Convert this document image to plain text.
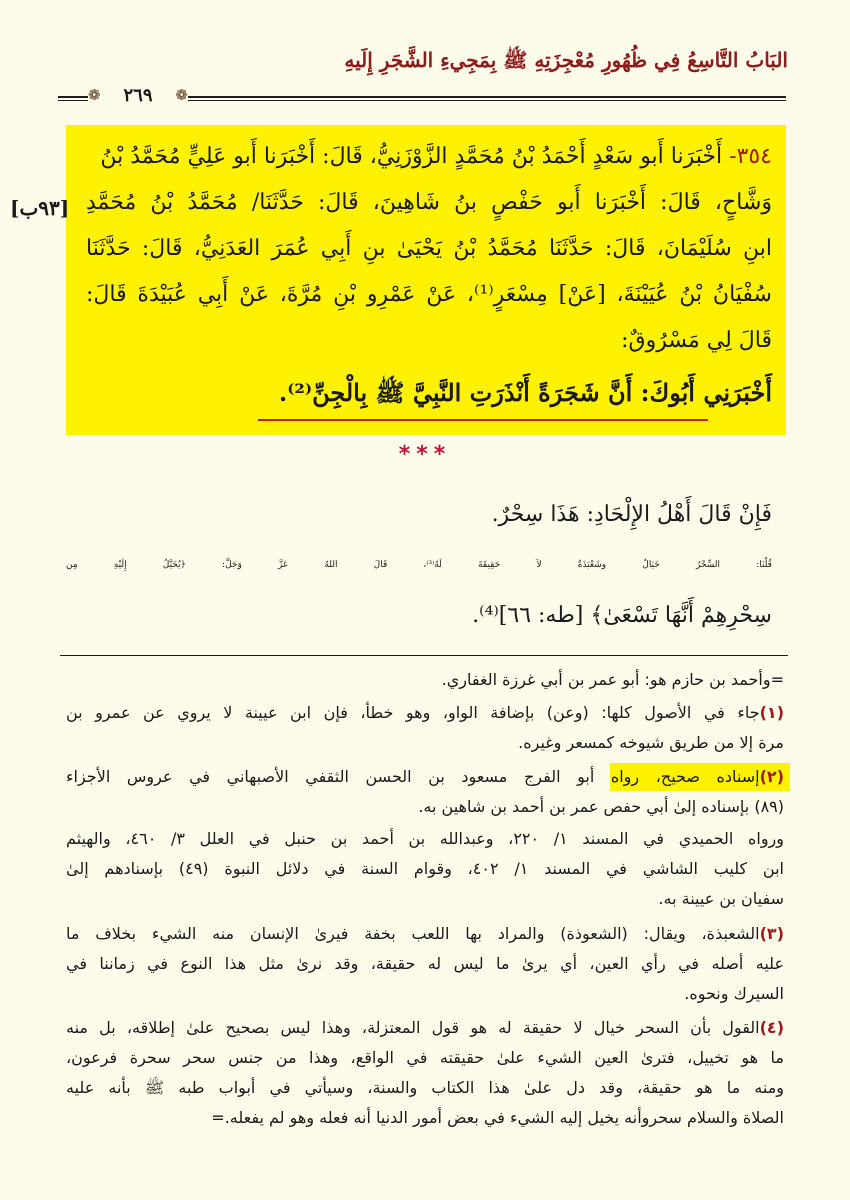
البَابُ التَّاسِعُ فِي ظُهُورِ مُعْجِزَتِهِ ﷺ بِمَجِيءِ الشَّجَرِ إِلَيهِ
❁ ٢٦٩ ❁
[٩٣ب]
٣٥٤- أَخْبَرَنا أَبو سَعْدٍ أَحْمَدُ بْنُ مُحَمَّدٍ الزَّوْزَنِيُّ، قَالَ: أَخْبَرَنا أَبو عَلِيٍّ مُحَمَّدُ بْنُ
وَشَّاحٍ، قَالَ: أَخْبَرَنا أَبو حَفْصٍ بنُ شَاهِينَ، قَالَ: حَدَّثَنَا/ مُحَمَّدُ بْنُ مُحَمَّدِ
ابنِ سُلَيْمَانَ، قَالَ: حَدَّثَنَا مُحَمَّدُ بْنُ يَحْيَىٰ بنِ أَبِي عُمَرَ العَدَنِيُّ، قَالَ: حَدَّثَنَا
سُفْيَانُ بْنُ عُيَيْنَةَ، [عَنْ] مِسْعَرٍ⁽¹⁾، عَنْ عَمْرِو بْنِ مُرَّةَ، عَنْ أَبِي عُبَيْدَةَ قَالَ:
قَالَ لِي مَسْرُوقٌ:
أَخْبَرَنِي أَبُوكَ: أَنَّ شَجَرَةً أَنْذَرَتِ النَّبِيَّ ﷺ بِالْجِنِّ⁽²⁾.
***
فَإِنْ قَالَ أَهْلُ الإِلْحَادِ: هَذَا سِحْرٌ.
قُلْنَا: السِّحْرُ خَيَالٌ وشَعْبَذَةٌ لاَ حَقِيقَةَ لَهُ⁽³⁾، قَالَ اللهُ عَزَّ وَجَلَّ: ﴿يُخَيَّلُ إِلَيْهِ مِن
سِحْرِهِمْ أَنَّهَا تَسْعَىٰ﴾ [طه: ٦٦]⁽⁴⁾.
=وأحمد بن حازم هو: أبو عمر بن أبي غرزة الغفاري.
(١)جاء في الأصول كلها: (وعن) بإضافة الواو، وهو خطأ، فإن ابن عيينة لا يروي عن عمرو بن
مرة إلا من طريق شيوخه كمسعر وغيره.
(٢)إسناده صحيح، رواه أبو الفرج مسعود بن الحسن الثقفي الأصبهاني في عروس الأجزاء
(٨٩) بإسناده إلىٰ أبي حفص عمر بن أحمد بن شاهين به.
ورواه الحميدي في المسند ١/ ٢٢٠، وعبدالله بن أحمد بن حنبل في العلل ٣/ ٤٦٠، والهيثم
ابن كليب الشاشي في المسند ١/ ٤٠٢، وقوام السنة في دلائل النبوة (٤٩) بإسنادهم إلىٰ
سفيان بن عيينة به.
(٣)الشعبذة، ويقال: (الشعوذة) والمراد بها اللعب بخفة فيرىٰ الإنسان منه الشيء بخلاف ما
عليه أصله في رأي العين، أي يرىٰ ما ليس له حقيقة، وقد نرىٰ مثل هذا النوع في زماننا في
السيرك ونحوه.
(٤)القول بأن السحر خيال لا حقيقة له هو قول المعتزلة، وهذا ليس بصحيح علىٰ إطلاقه، بل منه
ما هو تخييل، فترىٰ العين الشيء علىٰ حقيقته في الواقع، وهذا من جنس سحر سحرة فرعون،
ومنه ما هو حقيقة، وقد دل علىٰ هذا الكتاب والسنة، وسيأتي في أبواب طبه ﷺ بأنه عليه
الصلاة والسلام سحروأنه يخيل إليه الشيء في بعض أمور الدنيا أنه فعله وهو لم يفعله.=
